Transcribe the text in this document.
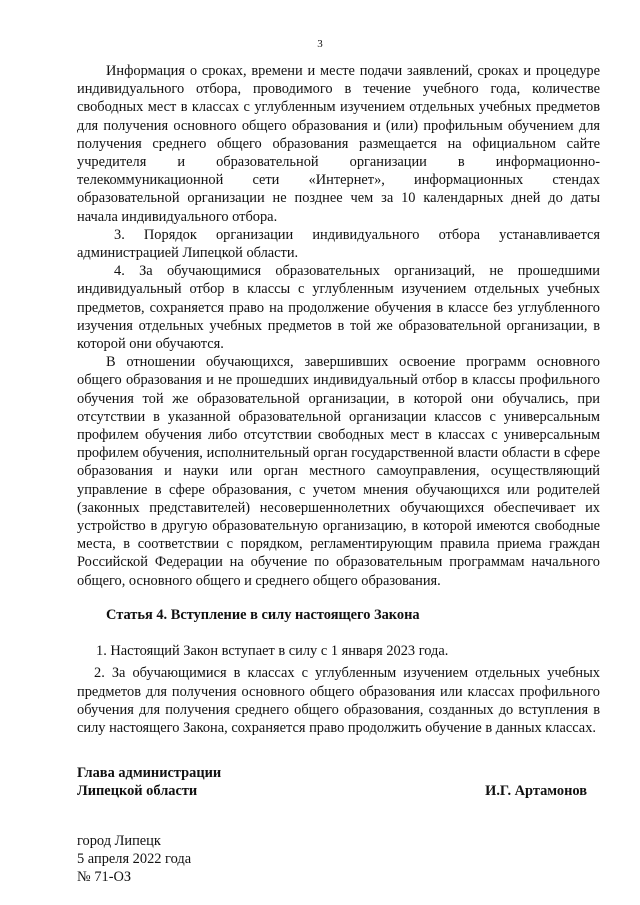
3

Информация о сроках, времени и месте подачи заявлений, сроках и процедуре индивидуального отбора, проводимого в течение учебного года, количестве свободных мест в классах с углубленным изучением отдельных учебных предметов для получения основного общего образования и (или) профильным обучением для получения среднего общего образования размещается на официальном сайте учредителя и образовательной организации в информационно-телекоммуникационной сети «Интернет», информационных стендах образовательной организации не позднее чем за 10 календарных дней до даты начала индивидуального отбора.

3. Порядок организации индивидуального отбора устанавливается администрацией Липецкой области.

4. За обучающимися образовательных организаций, не прошедшими индивидуальный отбор в классы с углубленным изучением отдельных учебных предметов, сохраняется право на продолжение обучения в классе без углубленного изучения отдельных учебных предметов в той же образовательной организации, в которой они обучаются.

В отношении обучающихся, завершивших освоение программ основного общего образования и не прошедших индивидуальный отбор в классы профильного обучения той же образовательной организации, в которой они обучались, при отсутствии в указанной образовательной организации классов с универсальным профилем обучения либо отсутствии свободных мест в классах с универсальным профилем обучения, исполнительный орган государственной власти области в сфере образования и науки или орган местного самоуправления, осуществляющий управление в сфере образования, с учетом мнения обучающихся или родителей (законных представителей) несовершеннолетних обучающихся обеспечивает их устройство в другую образовательную организацию, в которой имеются свободные места, в соответствии с порядком, регламентирующим правила приема граждан Российской Федерации на обучение по образовательным программам начального общего, основного общего и среднего общего образования.

Статья 4. Вступление в силу настоящего Закона

1. Настоящий Закон вступает в силу с 1 января 2023 года.

2. За обучающимися в классах с углубленным изучением отдельных учебных предметов для получения основного общего образования или классах профильного обучения для получения среднего общего образования, созданных до вступления в силу настоящего Закона, сохраняется право продолжить обучение в данных классах.

Глава администрации
Липецкой области	И.Г. Артамонов
город Липецк
5 апреля 2022 года
№ 71-ОЗ
